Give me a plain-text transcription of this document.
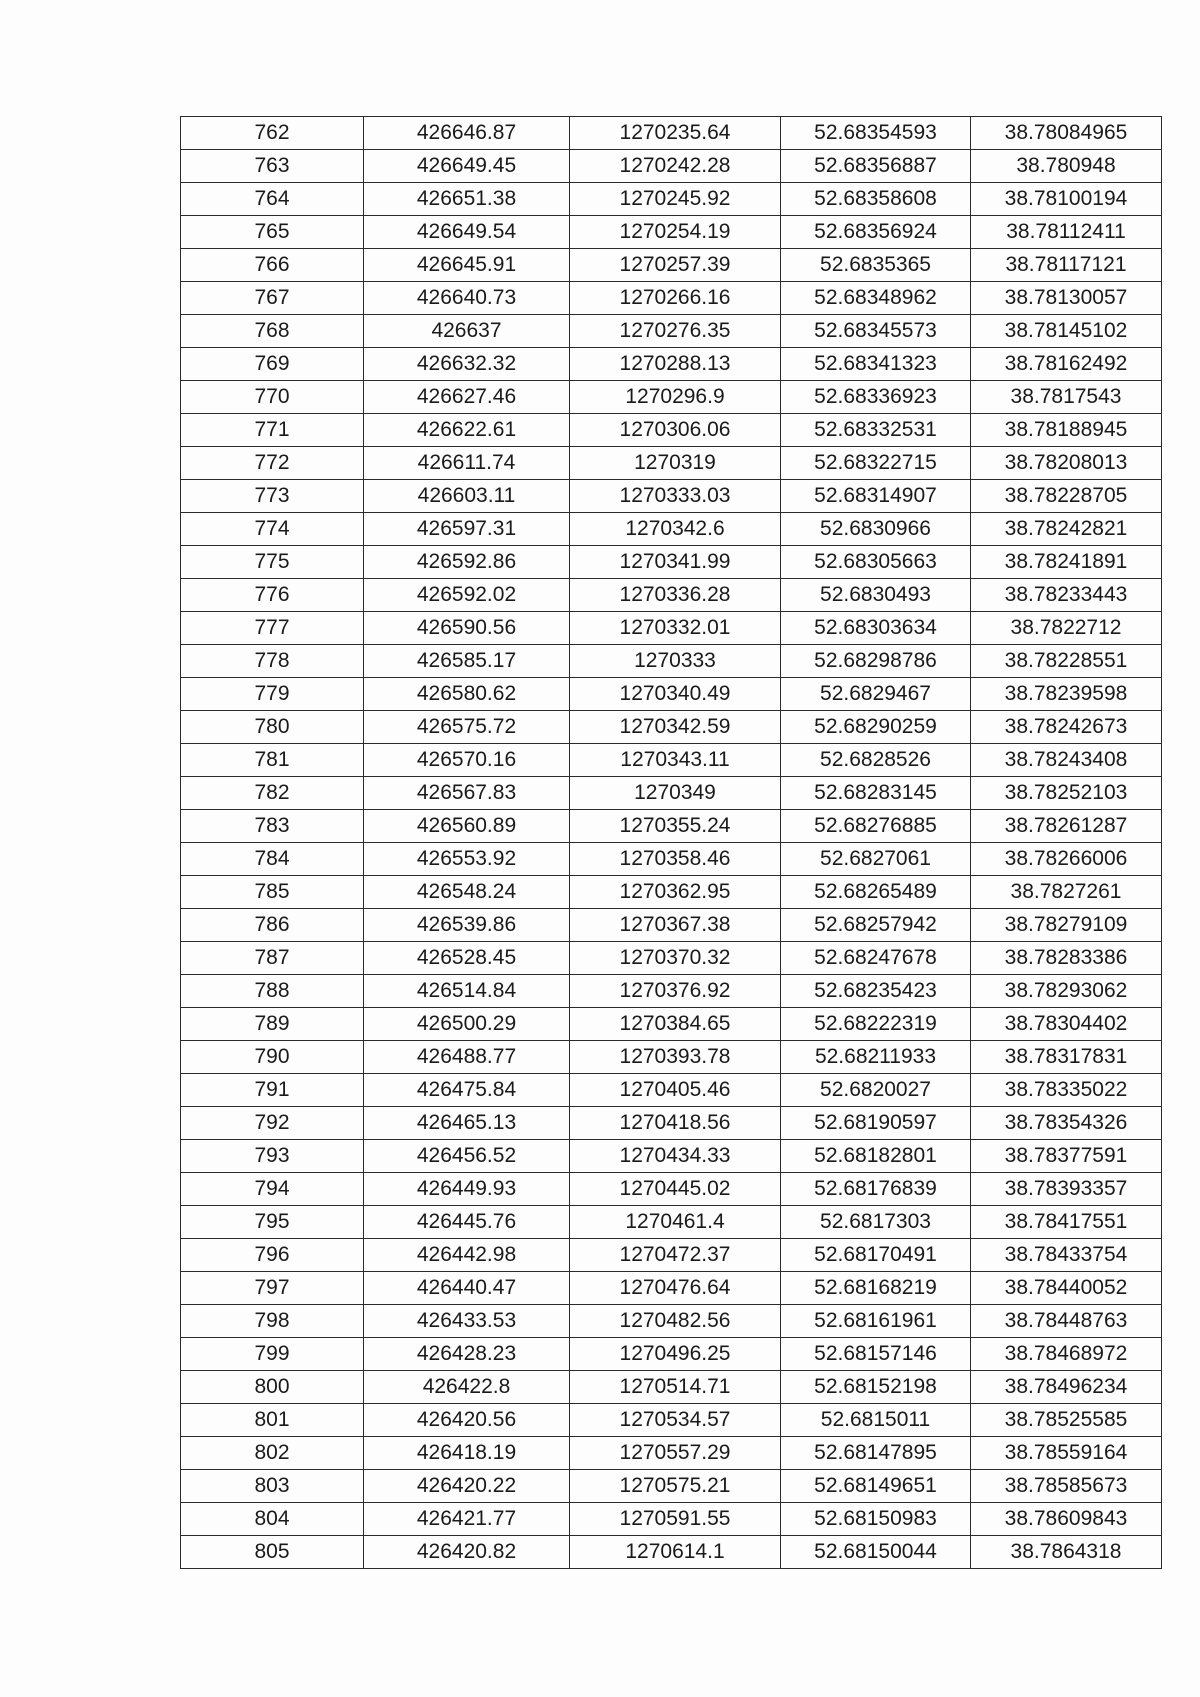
762	426646.87	1270235.64	52.68354593	38.78084965
763	426649.45	1270242.28	52.68356887	38.780948
764	426651.38	1270245.92	52.68358608	38.78100194
765	426649.54	1270254.19	52.68356924	38.78112411
766	426645.91	1270257.39	52.6835365	38.78117121
767	426640.73	1270266.16	52.68348962	38.78130057
768	426637	1270276.35	52.68345573	38.78145102
769	426632.32	1270288.13	52.68341323	38.78162492
770	426627.46	1270296.9	52.68336923	38.7817543
771	426622.61	1270306.06	52.68332531	38.78188945
772	426611.74	1270319	52.68322715	38.78208013
773	426603.11	1270333.03	52.68314907	38.78228705
774	426597.31	1270342.6	52.6830966	38.78242821
775	426592.86	1270341.99	52.68305663	38.78241891
776	426592.02	1270336.28	52.6830493	38.78233443
777	426590.56	1270332.01	52.68303634	38.7822712
778	426585.17	1270333	52.68298786	38.78228551
779	426580.62	1270340.49	52.6829467	38.78239598
780	426575.72	1270342.59	52.68290259	38.78242673
781	426570.16	1270343.11	52.6828526	38.78243408
782	426567.83	1270349	52.68283145	38.78252103
783	426560.89	1270355.24	52.68276885	38.78261287
784	426553.92	1270358.46	52.6827061	38.78266006
785	426548.24	1270362.95	52.68265489	38.7827261
786	426539.86	1270367.38	52.68257942	38.78279109
787	426528.45	1270370.32	52.68247678	38.78283386
788	426514.84	1270376.92	52.68235423	38.78293062
789	426500.29	1270384.65	52.68222319	38.78304402
790	426488.77	1270393.78	52.68211933	38.78317831
791	426475.84	1270405.46	52.6820027	38.78335022
792	426465.13	1270418.56	52.68190597	38.78354326
793	426456.52	1270434.33	52.68182801	38.78377591
794	426449.93	1270445.02	52.68176839	38.78393357
795	426445.76	1270461.4	52.6817303	38.78417551
796	426442.98	1270472.37	52.68170491	38.78433754
797	426440.47	1270476.64	52.68168219	38.78440052
798	426433.53	1270482.56	52.68161961	38.78448763
799	426428.23	1270496.25	52.68157146	38.78468972
800	426422.8	1270514.71	52.68152198	38.78496234
801	426420.56	1270534.57	52.6815011	38.78525585
802	426418.19	1270557.29	52.68147895	38.78559164
803	426420.22	1270575.21	52.68149651	38.78585673
804	426421.77	1270591.55	52.68150983	38.78609843
805	426420.82	1270614.1	52.68150044	38.7864318
